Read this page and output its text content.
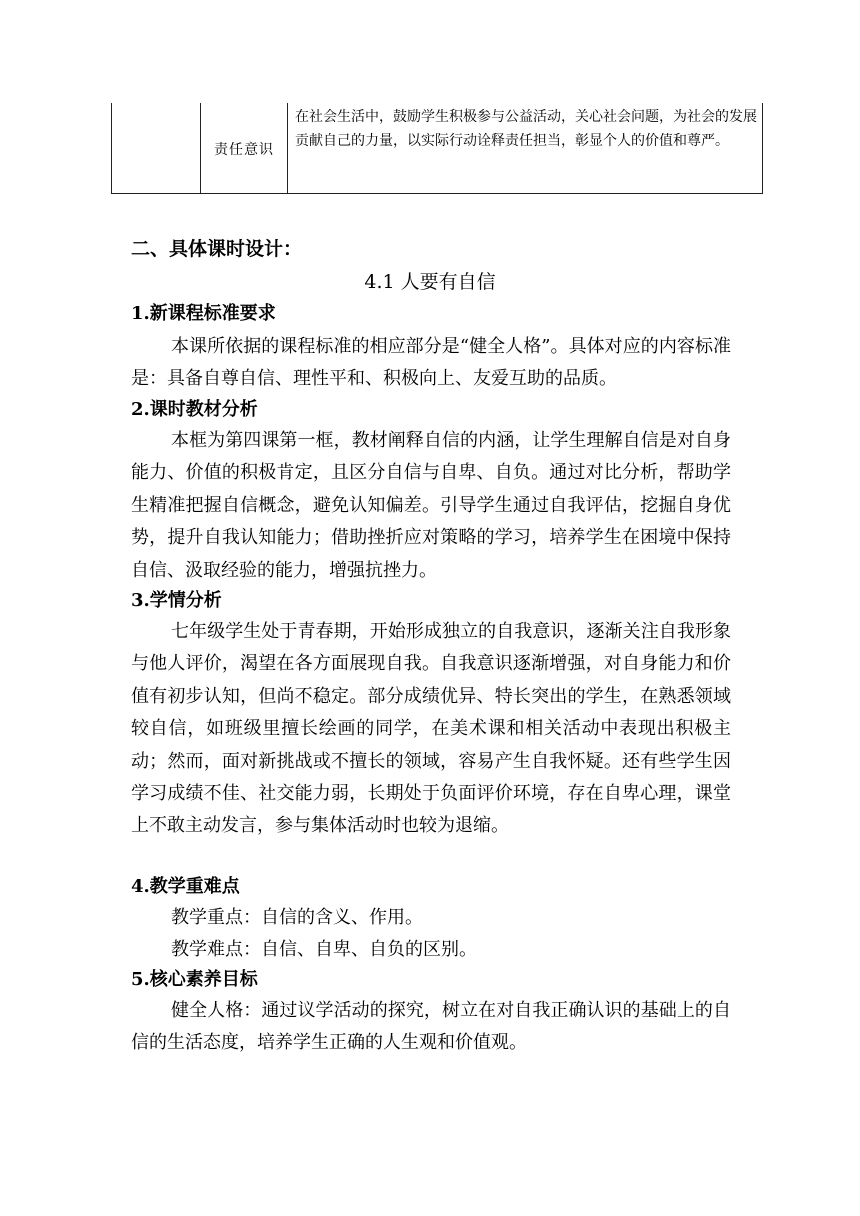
责任意识
在社会生活中，鼓励学生积极参与公益活动，关心社会问题，为社会的发展贡献自己的力量，以实际行动诠释责任担当，彰显个人的价值和尊严。
二、具体课时设计：
4.1 人要有自信
1.新课程标准要求

本课所依据的课程标准的相应部分是“健全人格”。具体对应的内容标准是：具备自尊自信、理性平和、积极向上、友爱互助的品质。

2.课时教材分析

本框为第四课第一框，教材阐释自信的内涵，让学生理解自信是对自身能力、价值的积极肯定，且区分自信与自卑、自负。通过对比分析，帮助学生精准把握自信概念，避免认知偏差。引导学生通过自我评估，挖掘自身优势，提升自我认知能力；借助挫折应对策略的学习，培养学生在困境中保持自信、汲取经验的能力，增强抗挫力。

3.学情分析

七年级学生处于青春期，开始形成独立的自我意识，逐渐关注自我形象与他人评价，渴望在各方面展现自我。自我意识逐渐增强，对自身能力和价值有初步认知，但尚不稳定。部分成绩优异、特长突出的学生，在熟悉领域较自信，如班级里擅长绘画的同学，在美术课和相关活动中表现出积极主动；然而，面对新挑战或不擅长的领域，容易产生自我怀疑。还有些学生因学习成绩不佳、社交能力弱，长期处于负面评价环境，存在自卑心理，课堂上不敢主动发言，参与集体活动时也较为退缩。

4.教学重难点
教学重点：自信的含义、作用。
教学难点：自信、自卑、自负的区别。
5.核心素养目标

健全人格：通过议学活动的探究，树立在对自我正确认识的基础上的自信的生活态度，培养学生正确的人生观和价值观。
